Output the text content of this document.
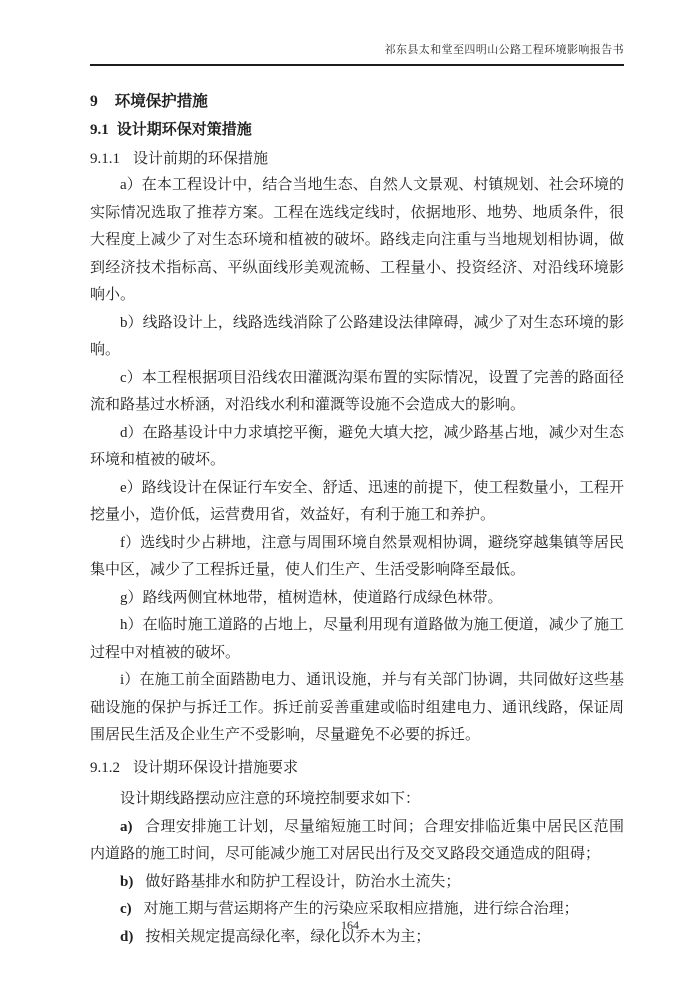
祁东县太和堂至四明山公路工程环境影响报告书
9 环境保护措施
9.1 设计期环保对策措施
9.1.1 设计前期的环保措施

a）在本工程设计中，结合当地生态、自然人文景观、村镇规划、社会环境的实际情况选取了推荐方案。工程在选线定线时，依据地形、地势、地质条件，很大程度上减少了对生态环境和植被的破坏。路线走向注重与当地规划相协调，做到经济技术指标高、平纵面线形美观流畅、工程量小、投资经济、对沿线环境影响小。

b）线路设计上，线路选线消除了公路建设法律障碍，减少了对生态环境的影响。

c）本工程根据项目沿线农田灌溉沟渠布置的实际情况，设置了完善的路面径流和路基过水桥涵，对沿线水利和灌溉等设施不会造成大的影响。

d）在路基设计中力求填挖平衡，避免大填大挖，减少路基占地，减少对生态环境和植被的破坏。

e）路线设计在保证行车安全、舒适、迅速的前提下，使工程数量小，工程开挖量小，造价低，运营费用省，效益好，有利于施工和养护。

f）选线时少占耕地，注意与周围环境自然景观相协调，避绕穿越集镇等居民集中区，减少了工程拆迁量，使人们生产、生活受影响降至最低。

g）路线两侧宜林地带，植树造林，使道路行成绿色林带。

h）在临时施工道路的占地上，尽量利用现有道路做为施工便道，减少了施工过程中对植被的破坏。

i）在施工前全面踏勘电力、通讯设施，并与有关部门协调，共同做好这些基础设施的保护与拆迁工作。拆迁前妥善重建或临时组建电力、通讯线路，保证周围居民生活及企业生产不受影响，尽量避免不必要的拆迁。

9.1.2 设计期环保设计措施要求

设计期线路摆动应注意的环境控制要求如下：

a) 合理安排施工计划，尽量缩短施工时间；合理安排临近集中居民区范围内道路的施工时间，尽可能减少施工对居民出行及交叉路段交通造成的阻碍；

b) 做好路基排水和防护工程设计，防治水土流失；

c) 对施工期与营运期将产生的污染应采取相应措施，进行综合治理；

d) 按相关规定提高绿化率，绿化以乔木为主；

164
